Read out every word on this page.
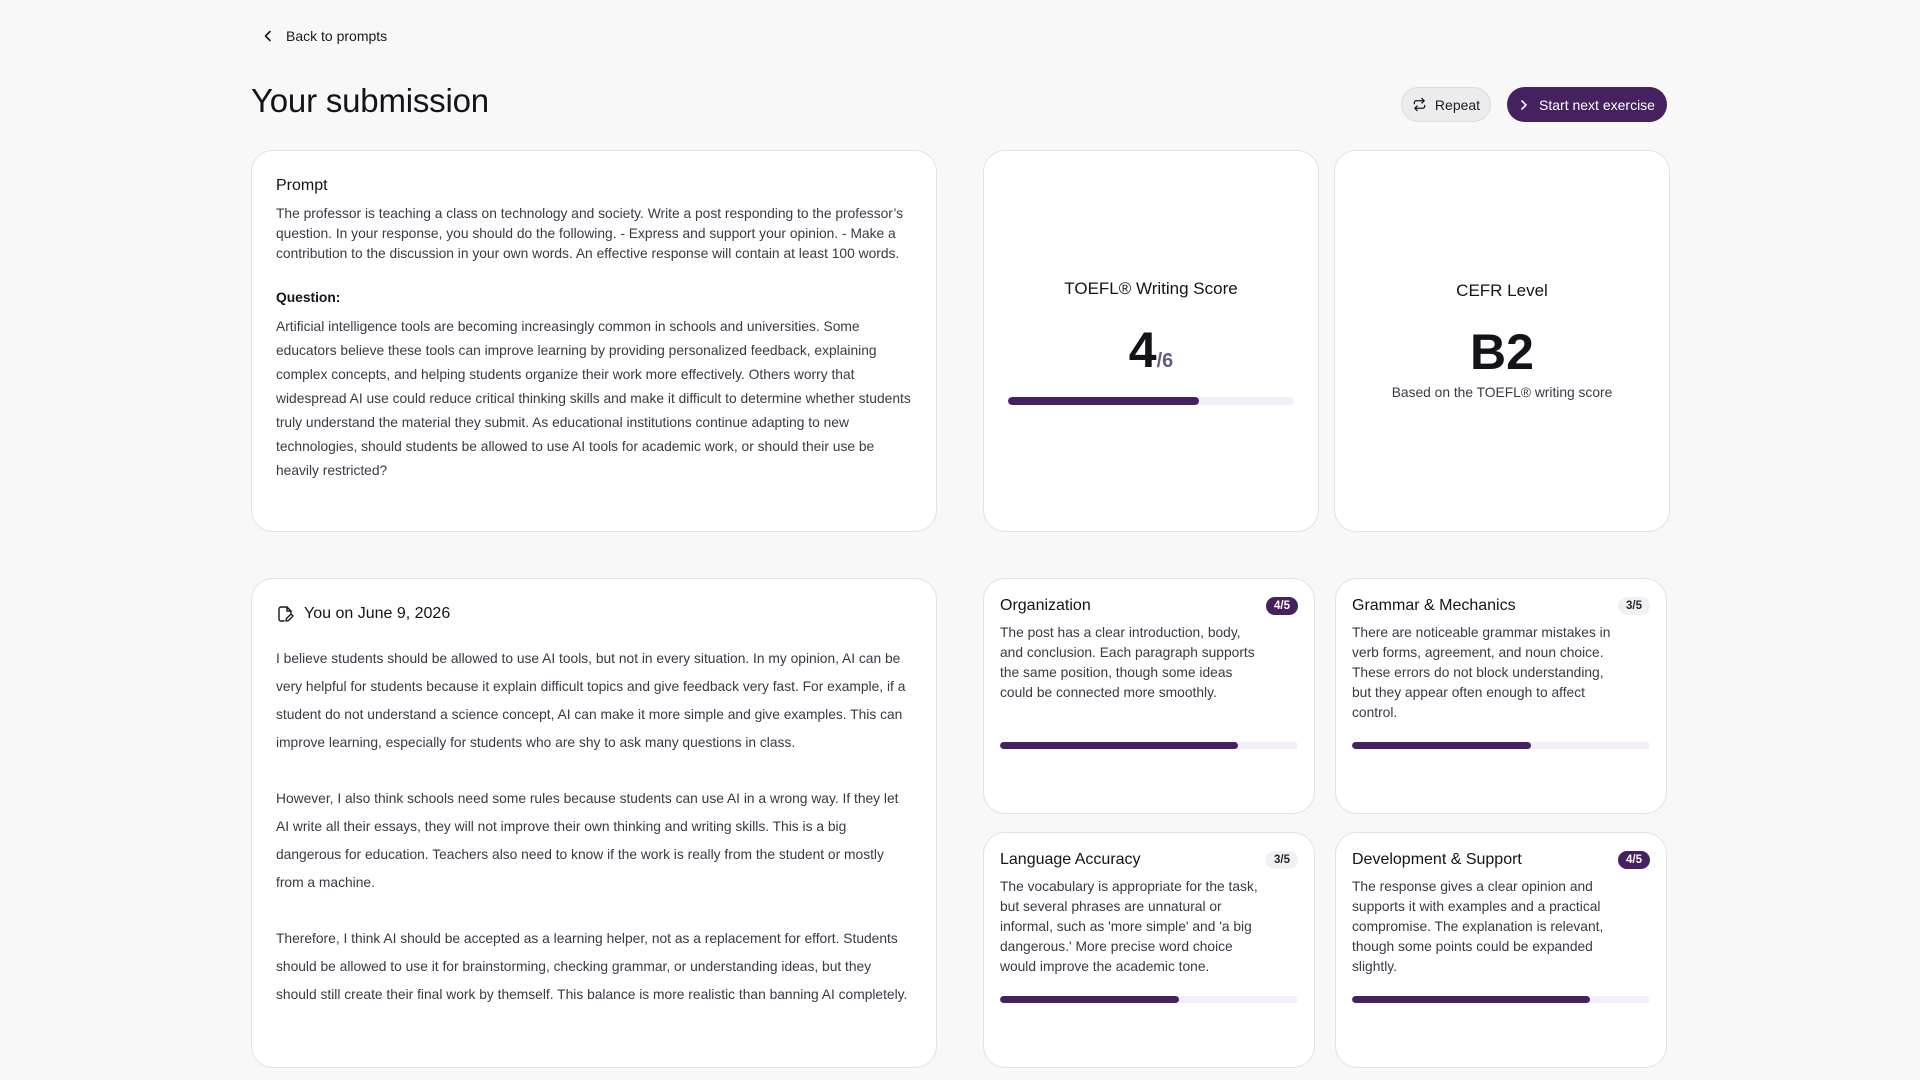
Back to prompts
Your submission	Repeat	Start next exercise
Prompt

The professor is teaching a class on technology and society. Write a post responding to the professor’s question. In your response, you should do the following. - Express and support your opinion. - Make a contribution to the discussion in your own words. An effective response will contain at least 100 words.

Question:

Artificial intelligence tools are becoming increasingly common in schools and universities. Some educators believe these tools can improve learning by providing personalized feedback, explaining complex concepts, and helping students organize their work more effectively. Others worry that widespread AI use could reduce critical thinking skills and make it difficult to determine whether students truly understand the material they submit. As educational institutions continue adapting to new technologies, should students be allowed to use AI tools for academic work, or should their use be heavily restricted?

TOEFL® Writing Score
4/6
CEFR Level
B2
Based on the TOEFL® writing score
You on June 9, 2026

I believe students should be allowed to use AI tools, but not in every situation. In my opinion, AI can be very helpful for students because it explain difficult topics and give feedback very fast. For example, if a student do not understand a science concept, AI can make it more simple and give examples. This can improve learning, especially for students who are shy to ask many questions in class.

However, I also think schools need some rules because students can use AI in a wrong way. If they let AI write all their essays, they will not improve their own thinking and writing skills. This is a big dangerous for education. Teachers also need to know if the work is really from the student or mostly from a machine.

Therefore, I think AI should be accepted as a learning helper, not as a replacement for effort. Students should be allowed to use it for brainstorming, checking grammar, or understanding ideas, but they should still create their final work by themself. This balance is more realistic than banning AI completely.

Organization	4/5

The post has a clear introduction, body, and conclusion. Each paragraph supports the same position, though some ideas could be connected more smoothly.

Grammar & Mechanics	3/5

There are noticeable grammar mistakes in verb forms, agreement, and noun choice. These errors do not block understanding, but they appear often enough to affect control.

Language Accuracy	3/5

The vocabulary is appropriate for the task, but several phrases are unnatural or informal, such as 'more simple' and 'a big dangerous.' More precise word choice would improve the academic tone.

Development & Support	4/5

The response gives a clear opinion and supports it with examples and a practical compromise. The explanation is relevant, though some points could be expanded slightly.
